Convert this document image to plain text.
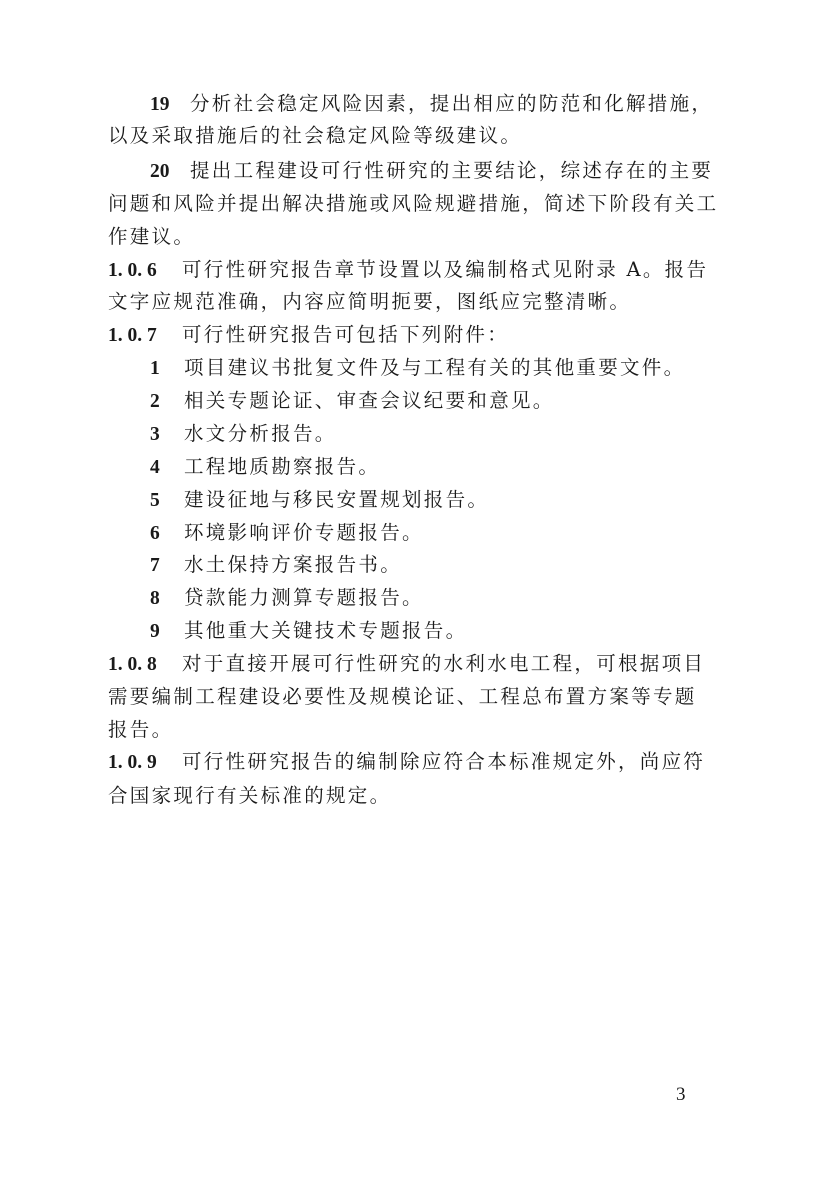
19 分析社会稳定风险因素，提出相应的防范和化解措施，
以及采取措施后的社会稳定风险等级建议。
20 提出工程建设可行性研究的主要结论，综述存在的主要
问题和风险并提出解决措施或风险规避措施，简述下阶段有关工
作建议。
1. 0. 6 可行性研究报告章节设置以及编制格式见附录 A。报告
文字应规范准确，内容应简明扼要，图纸应完整清晰。
1. 0. 7 可行性研究报告可包括下列附件：
1 项目建议书批复文件及与工程有关的其他重要文件。
2 相关专题论证、审查会议纪要和意见。
3 水文分析报告。
4 工程地质勘察报告。
5 建设征地与移民安置规划报告。
6 环境影响评价专题报告。
7 水土保持方案报告书。
8 贷款能力测算专题报告。
9 其他重大关键技术专题报告。
1. 0. 8 对于直接开展可行性研究的水利水电工程，可根据项目
需要编制工程建设必要性及规模论证、工程总布置方案等专题
报告。
1. 0. 9 可行性研究报告的编制除应符合本标准规定外，尚应符
合国家现行有关标准的规定。
3
